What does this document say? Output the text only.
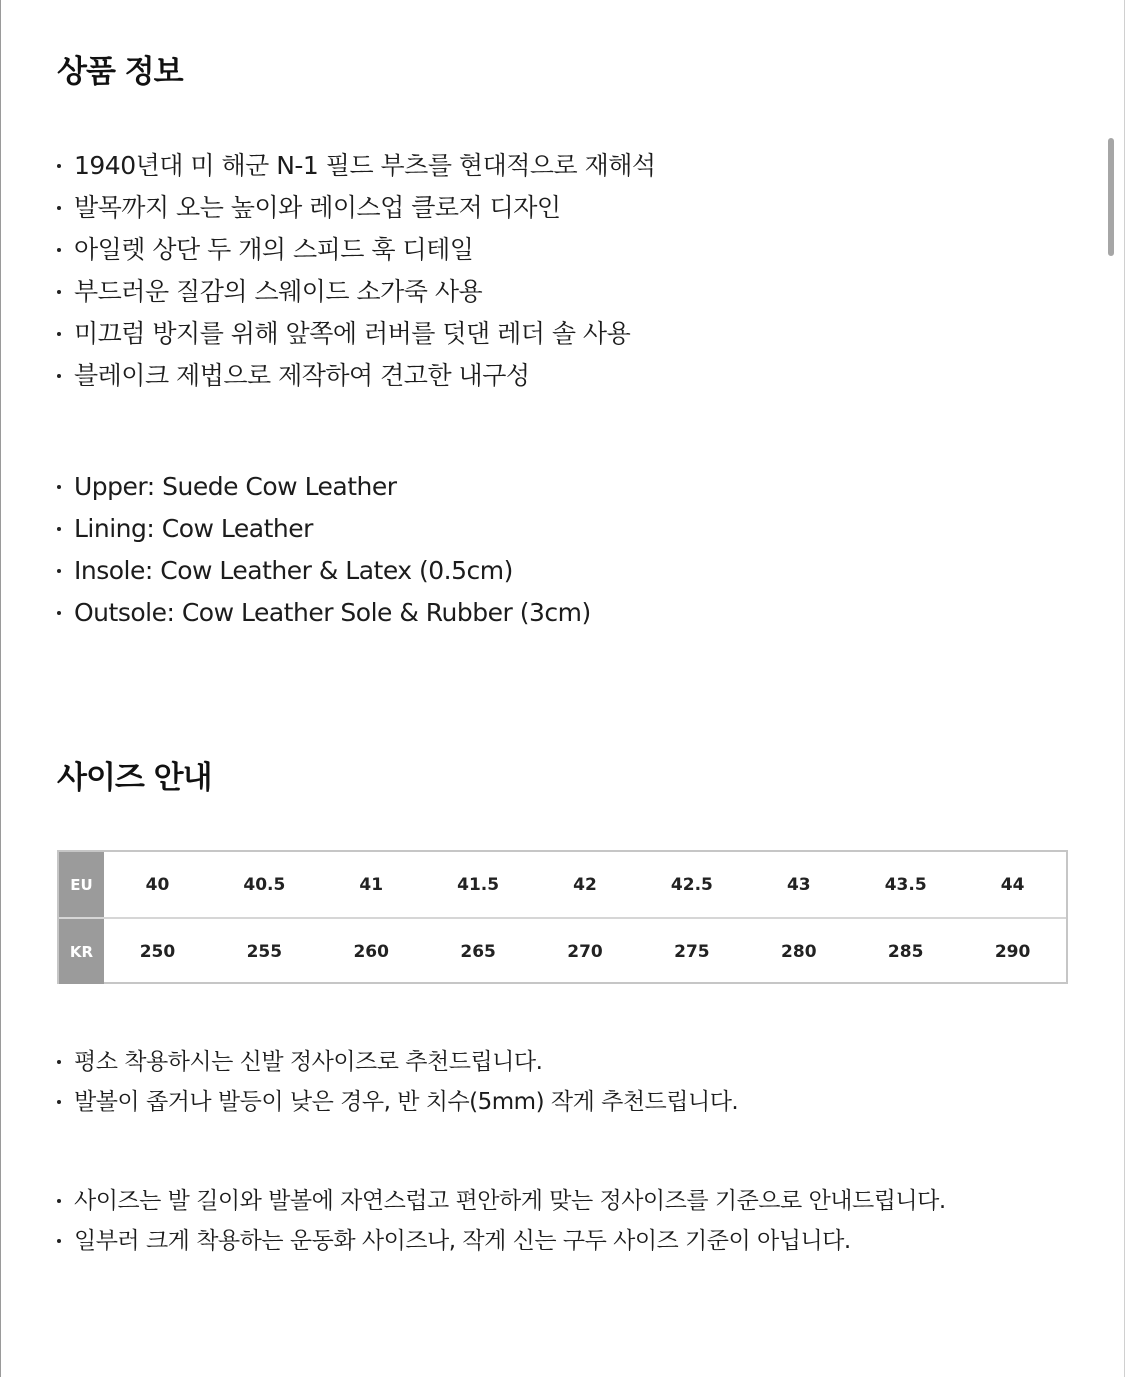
상품 정보
1940년대 미 해군 N-1 필드 부츠를 현대적으로 재해석
발목까지 오는 높이와 레이스업 클로저 디자인
아일렛 상단 두 개의 스피드 훅 디테일
부드러운 질감의 스웨이드 소가죽 사용
미끄럼 방지를 위해 앞쪽에 러버를 덧댄 레더 솔 사용
블레이크 제법으로 제작하여 견고한 내구성
Upper: Suede Cow Leather
Lining: Cow Leather
Insole: Cow Leather & Latex (0.5cm)
Outsole: Cow Leather Sole & Rubber (3cm)
사이즈 안내
EU	40	40.5	41	41.5	42	42.5	43	43.5	44
KR	250	255	260	265	270	275	280	285	290
평소 착용하시는 신발 정사이즈로 추천드립니다.
발볼이 좁거나 발등이 낮은 경우, 반 치수(5mm) 작게 추천드립니다.
사이즈는 발 길이와 발볼에 자연스럽고 편안하게 맞는 정사이즈를 기준으로 안내드립니다.
일부러 크게 착용하는 운동화 사이즈나, 작게 신는 구두 사이즈 기준이 아닙니다.
